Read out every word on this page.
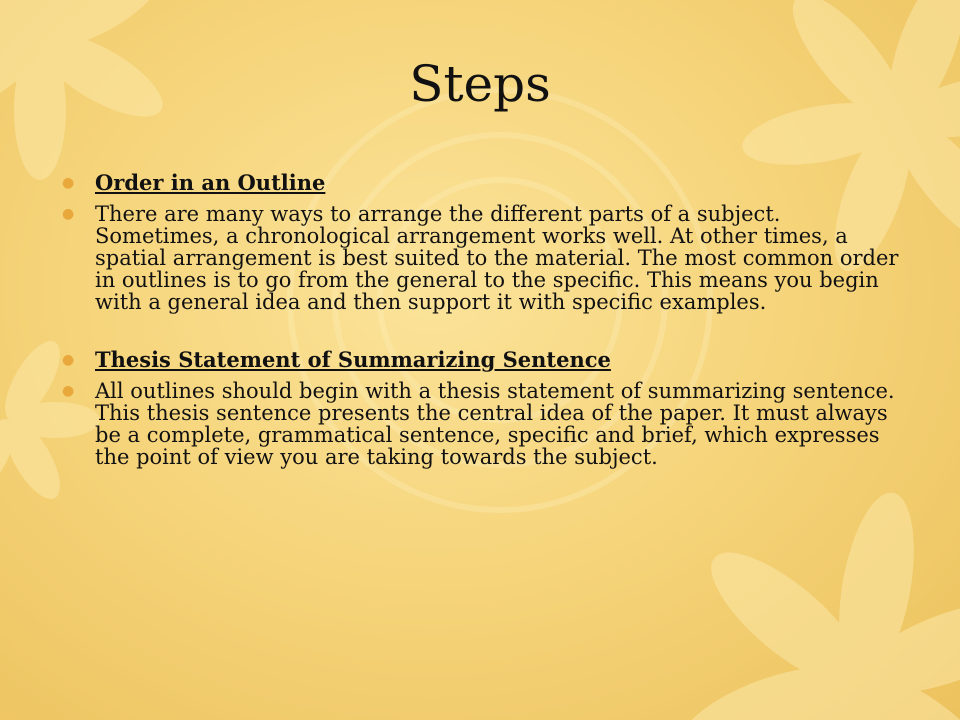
Steps

● Order in an Outline

● There are many ways to arrange the different parts of a subject. Sometimes, a chronological arrangement works well. At other times, a spatial arrangement is best suited to the material. The most common order in outlines is to go from the general to the specific. This means you begin with a general idea and then support it with specific examples.

● Thesis Statement of Summarizing Sentence

● All outlines should begin with a thesis statement of summarizing sentence. This thesis sentence presents the central idea of the paper. It must always be a complete, grammatical sentence, specific and brief, which expresses the point of view you are taking towards the subject.
